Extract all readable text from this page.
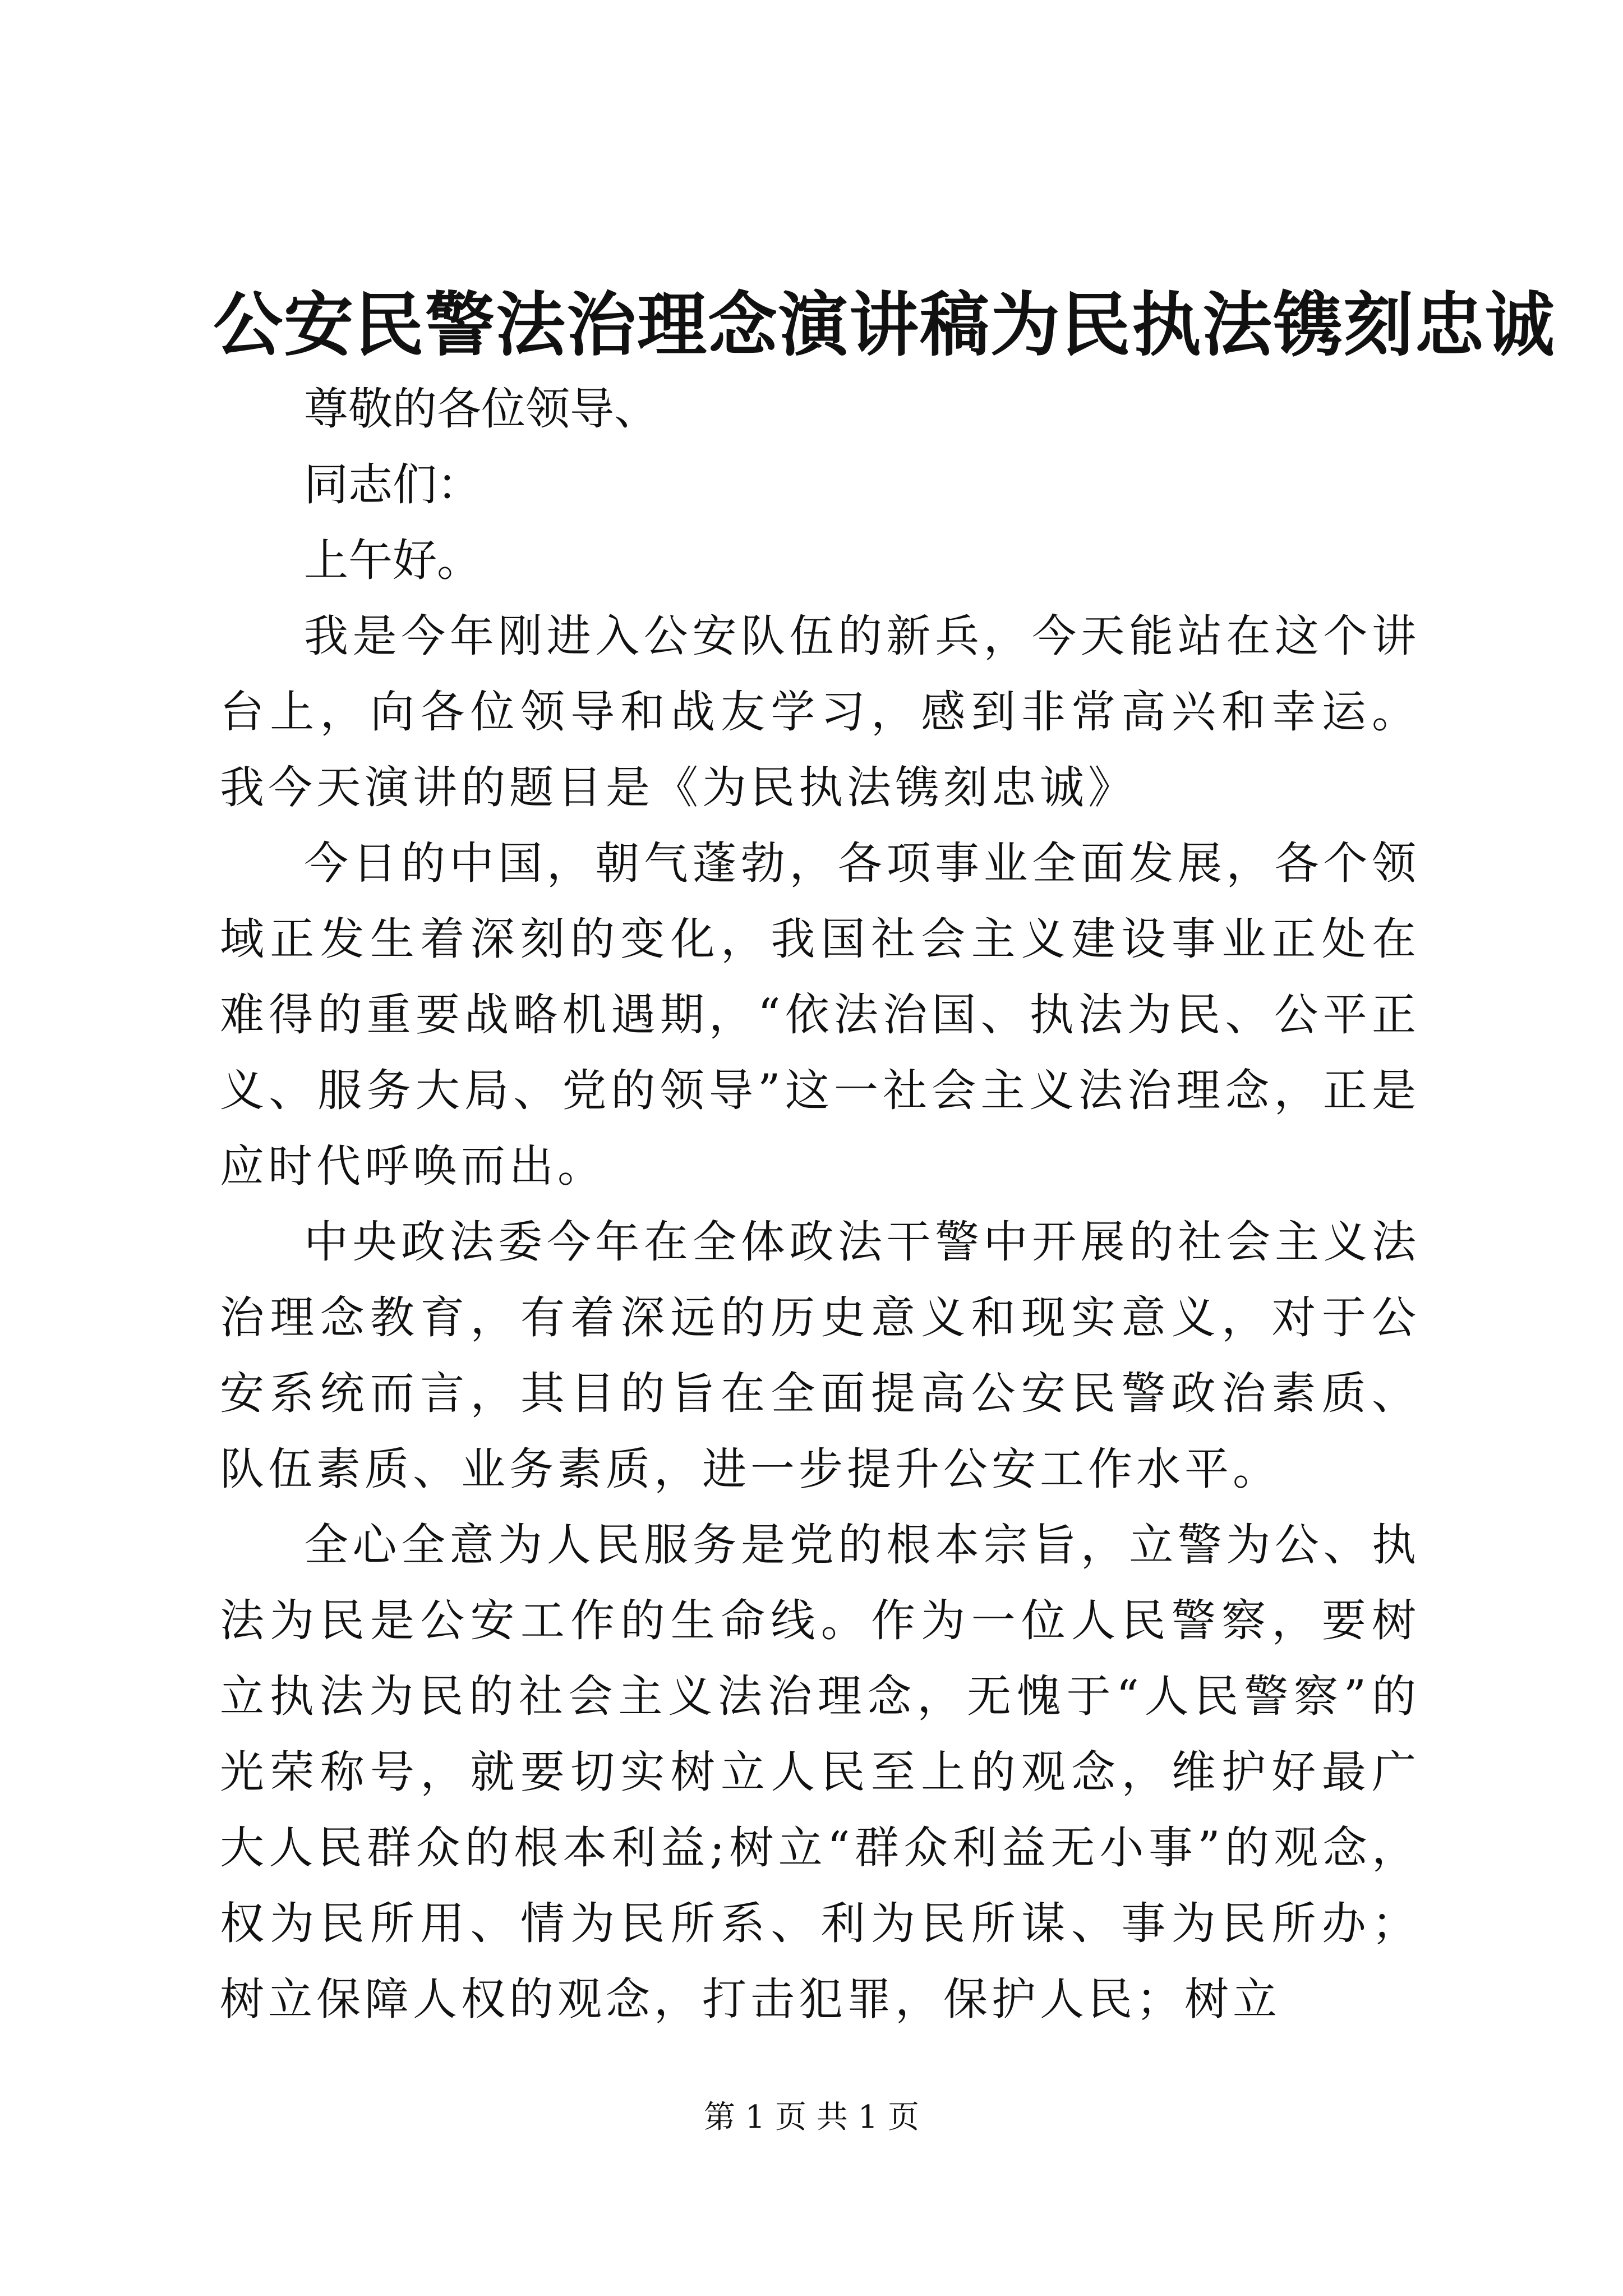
公安民警法治理念演讲稿为民执法镌刻忠诚

尊敬的各位领导、

同志们：

上午好。

我是今年刚进入公安队伍的新兵，今天能站在这个讲台上，向各位领导和战友学习，感到非常高兴和幸运。我今天演讲的题目是《为民执法镌刻忠诚》

今日的中国，朝气蓬勃，各项事业全面发展，各个领域正发生着深刻的变化，我国社会主义建设事业正处在难得的重要战略机遇期，“依法治国、执法为民、公平正义、服务大局、党的领导”这一社会主义法治理念，正是应时代呼唤而出。

中央政法委今年在全体政法干警中开展的社会主义法治理念教育，有着深远的历史意义和现实意义，对于公安系统而言，其目的旨在全面提高公安民警政治素质、队伍素质、业务素质，进一步提升公安工作水平。

全心全意为人民服务是党的根本宗旨，立警为公、执法为民是公安工作的生命线。作为一位人民警察，要树立执法为民的社会主义法治理念，无愧于“人民警察”的光荣称号，就要切实树立人民至上的观念，维护好最广大人民群众的根本利益;树立“群众利益无小事”的观念，权为民所用、情为民所系、利为民所谋、事为民所办；树立保障人权的观念，打击犯罪，保护人民；树立

第 1 页 共 1 页
